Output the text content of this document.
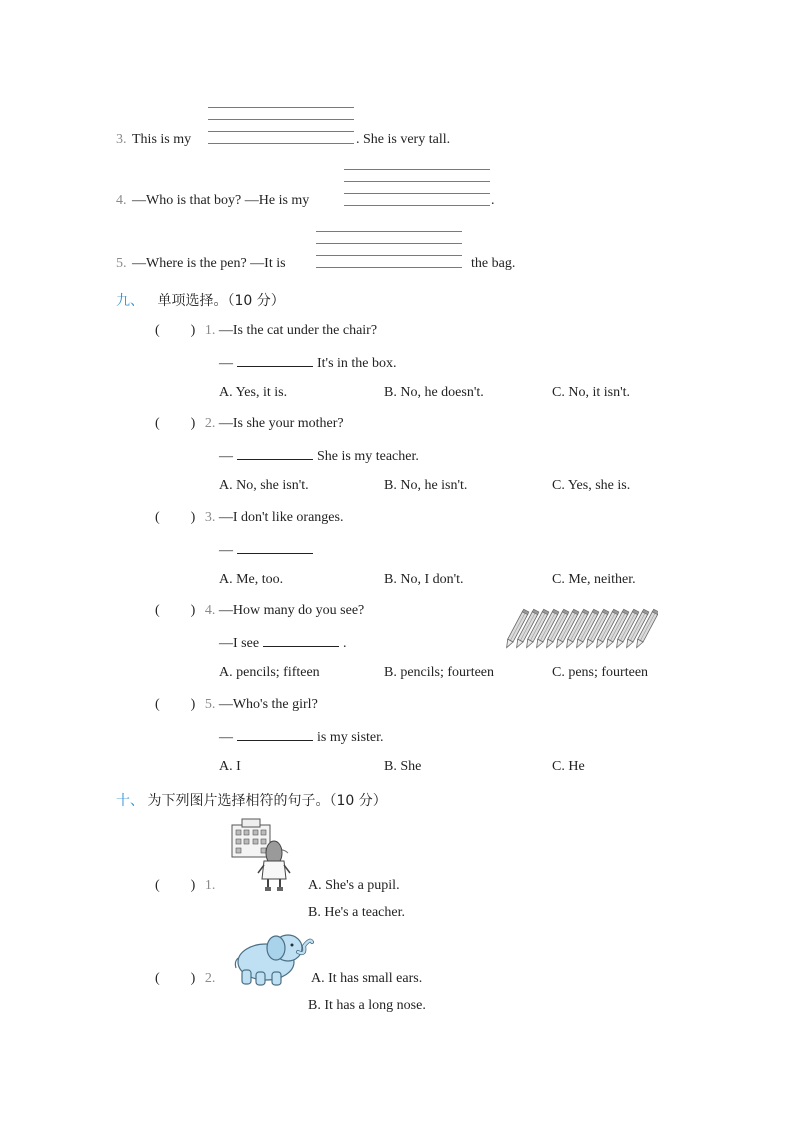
3. This is my	. She is very tall.
4. —Who is that boy? —He is my	.
5. —Where is the pen? —It is	the bag.
九、 单项选择。（10 分）
( ) 1. —Is the cat under the chair?
—	It's in the box.
A. Yes, it is.	B. No, he doesn't.	C. No, it isn't.
( ) 2. —Is she your mother?
—	She is my teacher.
A. No, she isn't.	B. No, he isn't.	C. Yes, she is.
( ) 3. —I don't like oranges.
—
A. Me, too.	B. No, I don't.	C. Me, neither.
( ) 4. —How many do you see?
—I see	.
A. pencils; fifteen	B. pencils; fourteen	C. pens; fourteen
( ) 5. —Who's the girl?
—	is my sister.
A. I	B. She	C. He
十、 为下列图片选择相符的句子。（10 分）
( ) 1.	A. She's a pupil.
B. He's a teacher.
( ) 2.	A. It has small ears.
B. It has a long nose.
